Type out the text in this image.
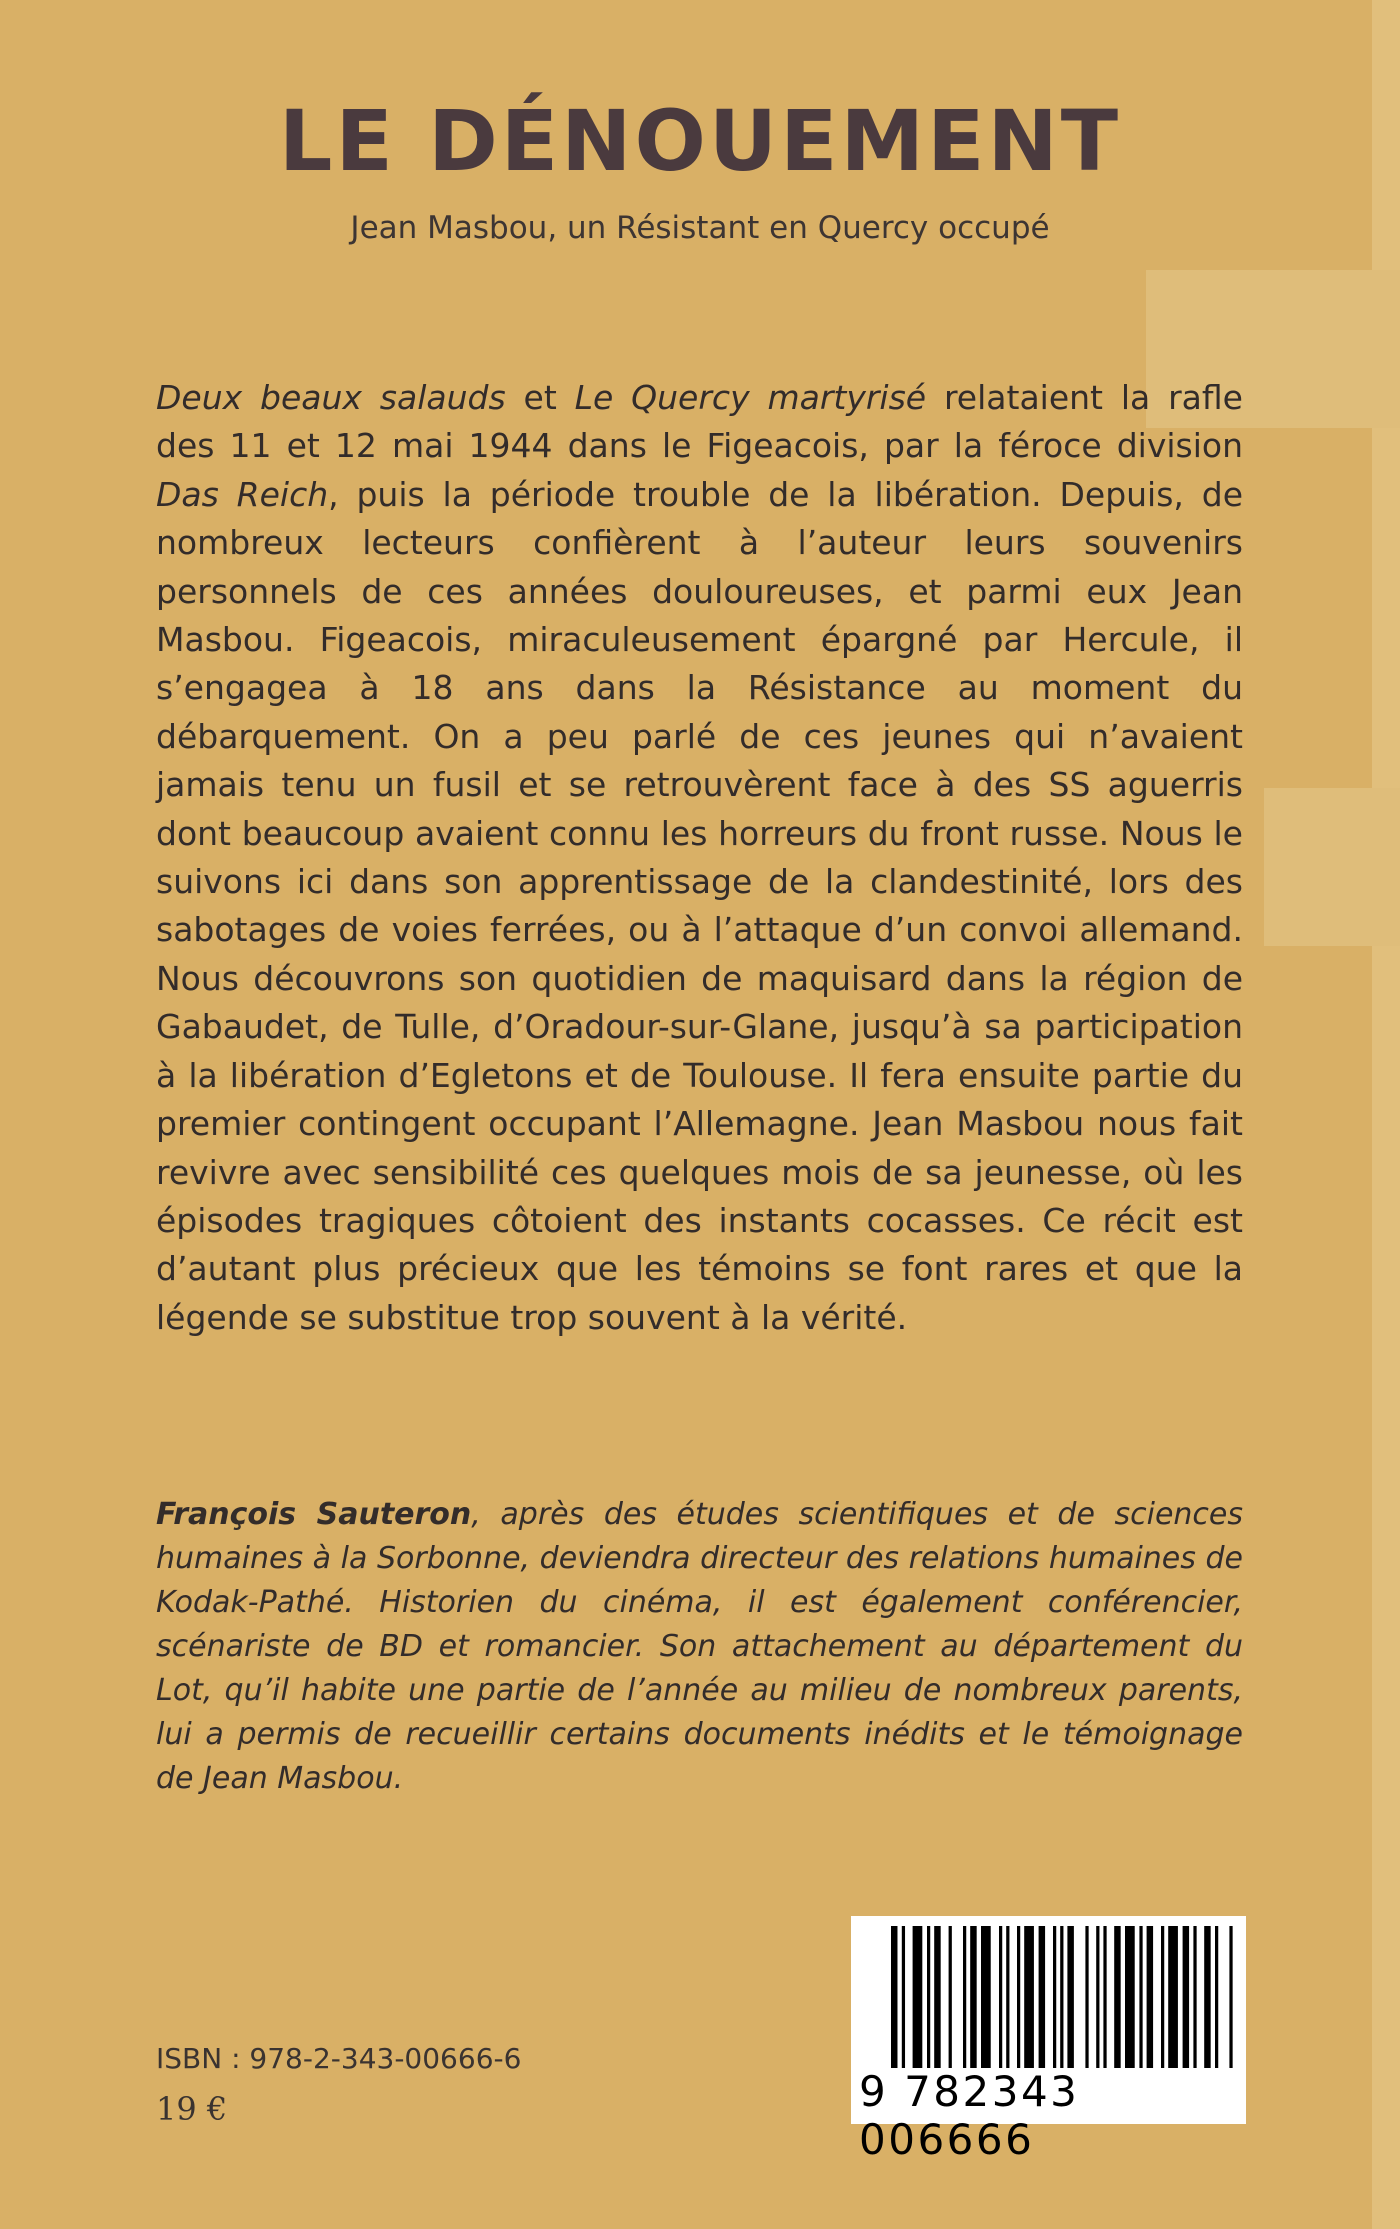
LE DÉNOUEMENT

Jean Masbou, un Résistant en Quercy occupé

Deux beaux salauds et Le Quercy martyrisé relataient la rafle des 11 et 12 mai 1944 dans le Figeacois, par la féroce division Das Reich, puis la période trouble de la libération. Depuis, de nombreux lecteurs confièrent à l’auteur leurs souvenirs personnels de ces années douloureuses, et parmi eux Jean Masbou. Figeacois, miraculeusement épargné par Hercule, il s’engagea à 18 ans dans la Résistance au moment du débarquement. On a peu parlé de ces jeunes qui n’avaient jamais tenu un fusil et se retrouvèrent face à des SS aguerris dont beaucoup avaient connu les horreurs du front russe. Nous le suivons ici dans son apprentissage de la clandestinité, lors des sabotages de voies ferrées, ou à l’attaque d’un convoi allemand. Nous découvrons son quotidien de maquisard dans la région de Gabaudet, de Tulle, d’Oradour-sur-Glane, jusqu’à sa participation à la libération d’Egletons et de Toulouse. Il fera ensuite partie du premier contingent occupant l’Allemagne. Jean Masbou nous fait revivre avec sensibilité ces quelques mois de sa jeunesse, où les épisodes tragiques côtoient des instants cocasses. Ce récit est d’autant plus précieux que les témoins se font rares et que la légende se substitue trop souvent à la vérité.

François Sauteron, après des études scientifiques et de sciences humaines à la Sorbonne, deviendra directeur des relations humaines de Kodak-Pathé. Historien du cinéma, il est également conférencier, scénariste de BD et romancier. Son attachement au département du Lot, qu’il habite une partie de l’année au milieu de nombreux parents, lui a permis de recueillir certains documents inédits et le témoignage de Jean Masbou.

ISBN : 978-2-343-00666-6

19 €	9 782343 006666
